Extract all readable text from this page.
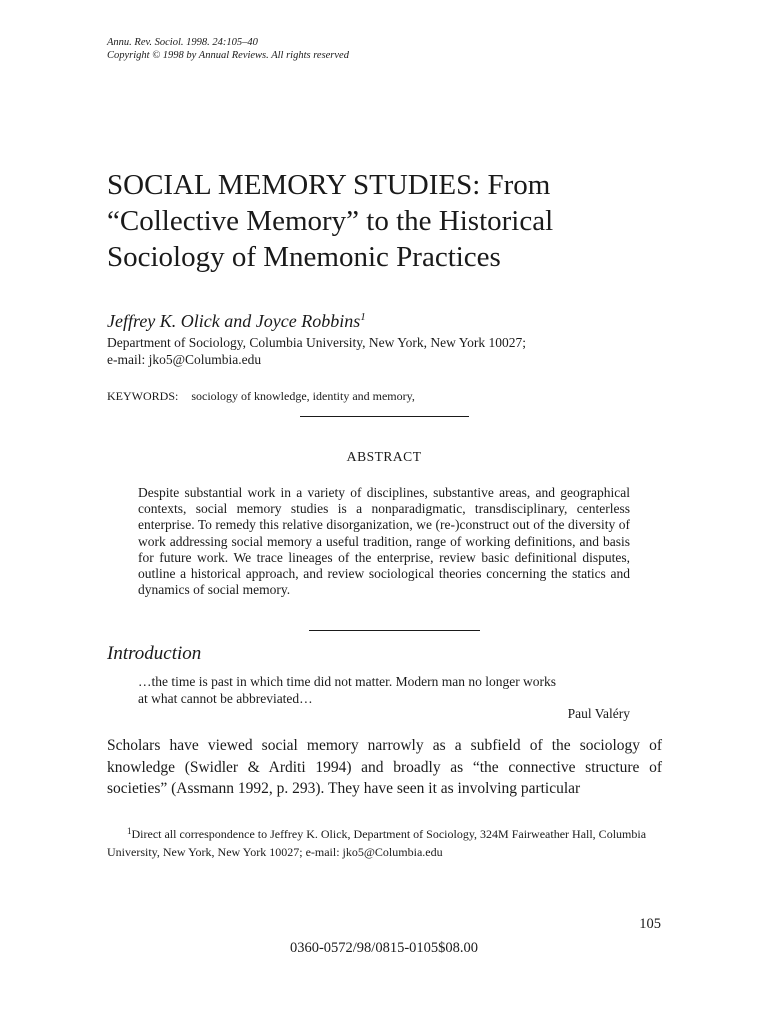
Annu. Rev. Sociol. 1998. 24:105–40
Copyright © 1998 by Annual Reviews. All rights reserved
SOCIAL MEMORY STUDIES: From
“Collective Memory” to the Historical
Sociology of Mnemonic Practices
Jeffrey K. Olick and Joyce Robbins$^1$
Department of Sociology, Columbia University, New York, New York 10027;
e-mail: jko5@Columbia.edu
KEYWORDS: sociology of knowledge, identity and memory,
ABSTRACT
Despite substantial work in a variety of disciplines, substantive areas, and geographical contexts, social memory studies is a nonparadigmatic, transdisciplinary, centerless enterprise. To remedy this relative disorganization, we (re-)construct out of the diversity of work addressing social memory a useful tradition, range of working definitions, and basis for future work. We trace lineages of the enterprise, review basic definitional disputes, outline a historical approach, and review sociological theories concerning the statics and dynamics of social memory.
Introduction
…the time is past in which time did not matter. Modern man no longer works
at what cannot be abbreviated…
Paul Valéry
Scholars have viewed social memory narrowly as a subfield of the sociology of knowledge (Swidler & Arditi 1994) and broadly as “the connective structure of societies” (Assmann 1992, p. 293). They have seen it as involving particular
$^1$Direct all correspondence to Jeffrey K. Olick, Department of Sociology, 324M Fairweather Hall, Columbia University, New York, New York 10027; e-mail: jko5@Columbia.edu
105
0360-0572/98/0815-0105$08.00
